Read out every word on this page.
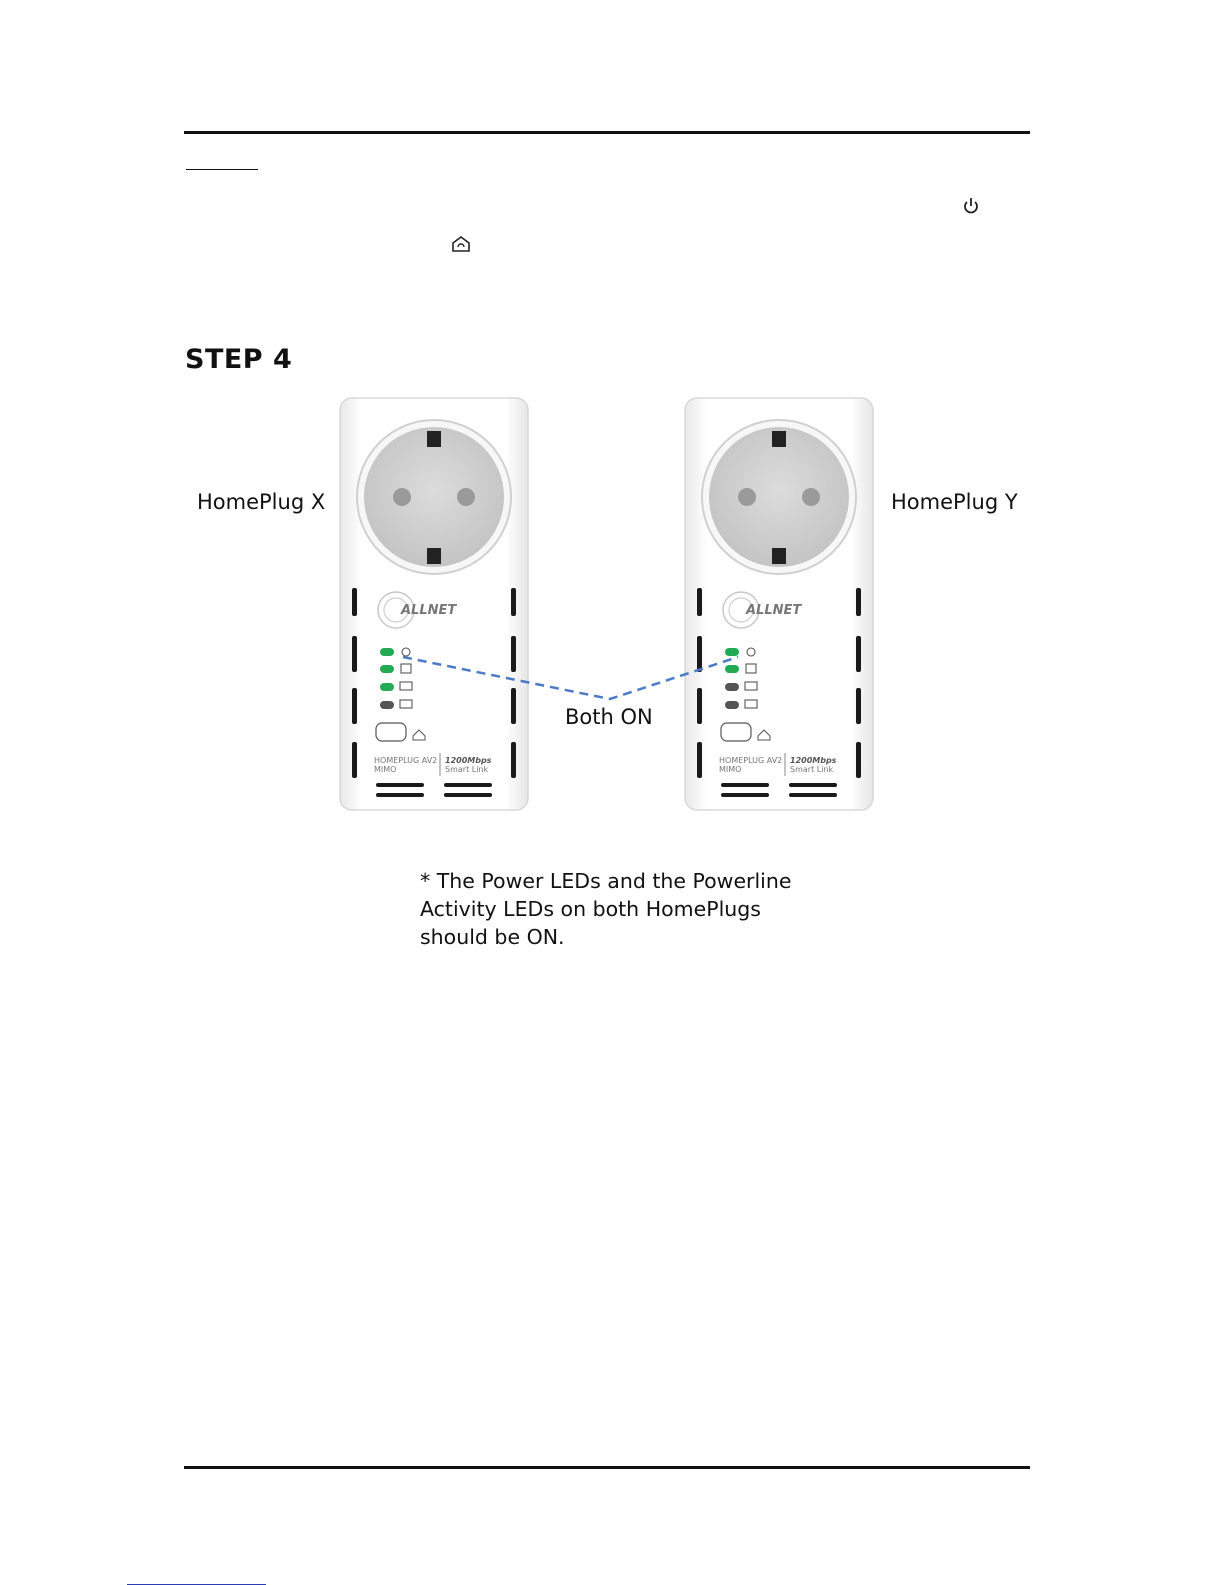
STEP 4
HomePlug X	HomePlug Y
Both ON
ALLNET
HOMEPLUG AV2
MIMO
1200Mbps
Smart Link
ALLNET
HOMEPLUG AV2
MIMO
1200Mbps
Smart Link
* The Power LEDs and the Powerline
Activity LEDs on both HomePlugs
should be ON.
